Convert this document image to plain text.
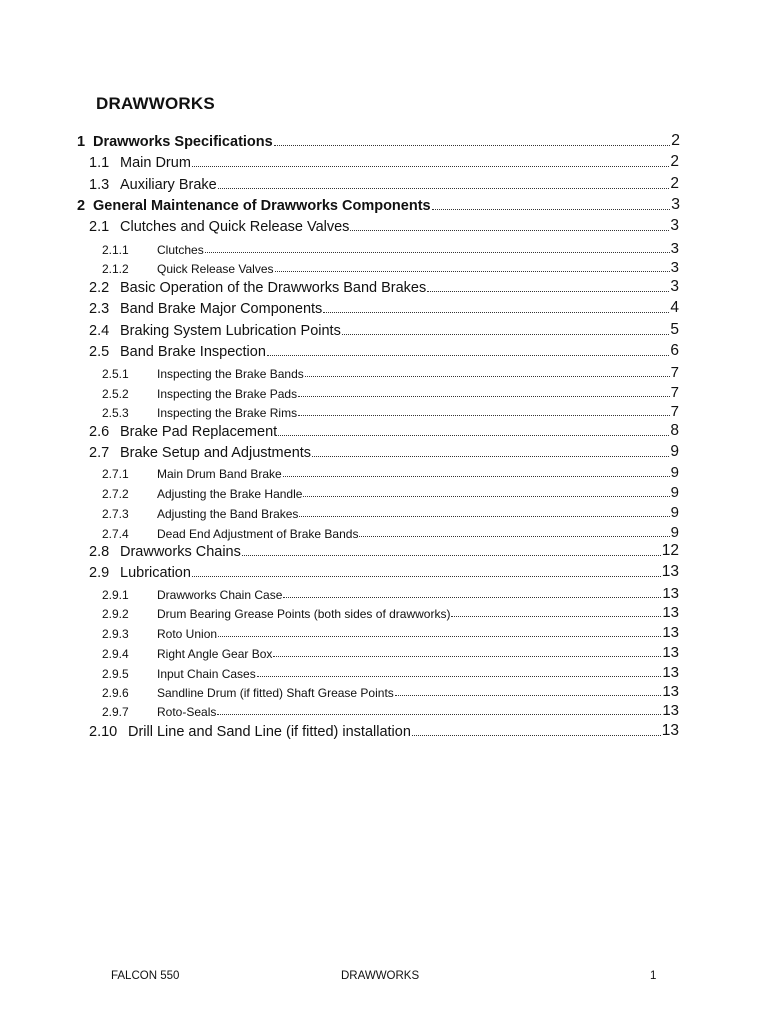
DRAWWORKS
1 Drawworks Specifications	2
1.1 Main Drum	2
1.3 Auxiliary Brake	2
2 General Maintenance of Drawworks Components	3
2.1 Clutches and Quick Release Valves	3
2.1.1	Clutches	3
2.1.2	Quick Release Valves	3
2.2 Basic Operation of the Drawworks Band Brakes	3
2.3 Band Brake Major Components	4
2.4 Braking System Lubrication Points	5
2.5 Band Brake Inspection	6
2.5.1	Inspecting the Brake Bands	7
2.5.2	Inspecting the Brake Pads	7
2.5.3	Inspecting the Brake Rims	7
2.6 Brake Pad Replacement	8
2.7 Brake Setup and Adjustments	9
2.7.1	Main Drum Band Brake	9
2.7.2	Adjusting the Brake Handle	9
2.7.3	Adjusting the Band Brakes	9
2.7.4	Dead End Adjustment of Brake Bands	9
2.8 Drawworks Chains	12
2.9 Lubrication	13
2.9.1	Drawworks Chain Case	13
2.9.2	Drum Bearing Grease Points (both sides of drawworks)	13
2.9.3	Roto Union	13
2.9.4	Right Angle Gear Box	13
2.9.5	Input Chain Cases	13
2.9.6	Sandline Drum (if fitted) Shaft Grease Points	13
2.9.7	Roto-Seals	13
2.10 Drill Line and Sand Line (if fitted) installation	13
FALCON 550	DRAWWORKS	1
